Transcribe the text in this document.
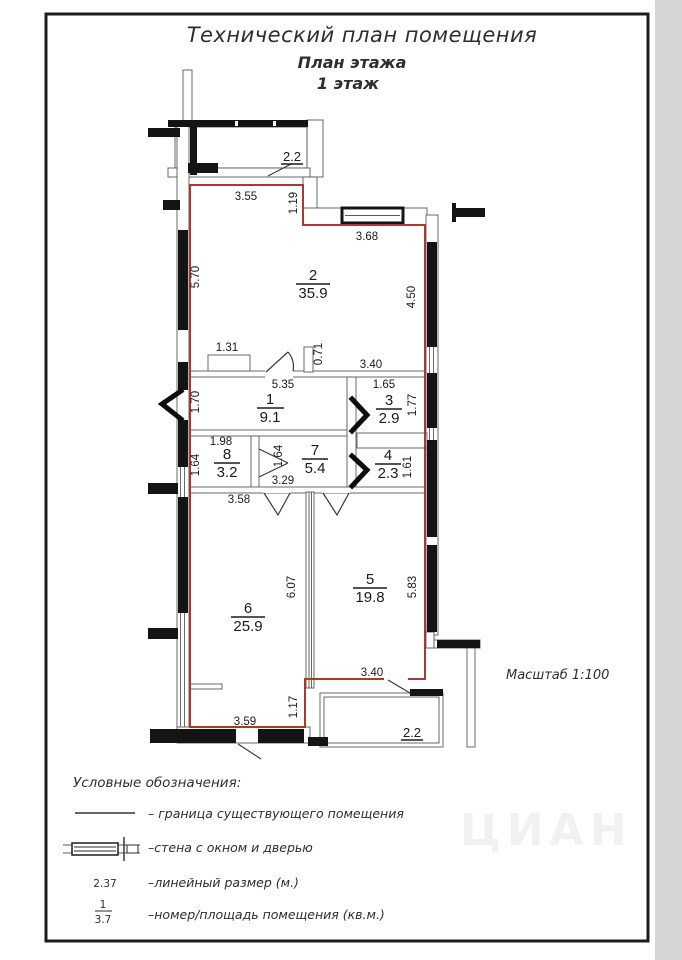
ЦИАН
Технический план помещения
План этажа
1 этаж
3.55	1.19
3.68
5.70
4.50
1.31	0.71	3.40
5.35	1.65
1.70	1.77
1.98
1.64	1.64	1.61
3.29
3.58
6.07	5.83
3.40
1.17
3.59
2
35.9
1
9.1
3
2.9
8
3.2
7
5.4
4
2.3
6
25.9
5
19.8
2.2
2.2
Масштаб 1:100
Условные обозначения:
– граница существующего помещения
–стена с окном и дверью
2.37	–линейный размер (м.)
1
3.7	–номер/площадь помещения (кв.м.)
